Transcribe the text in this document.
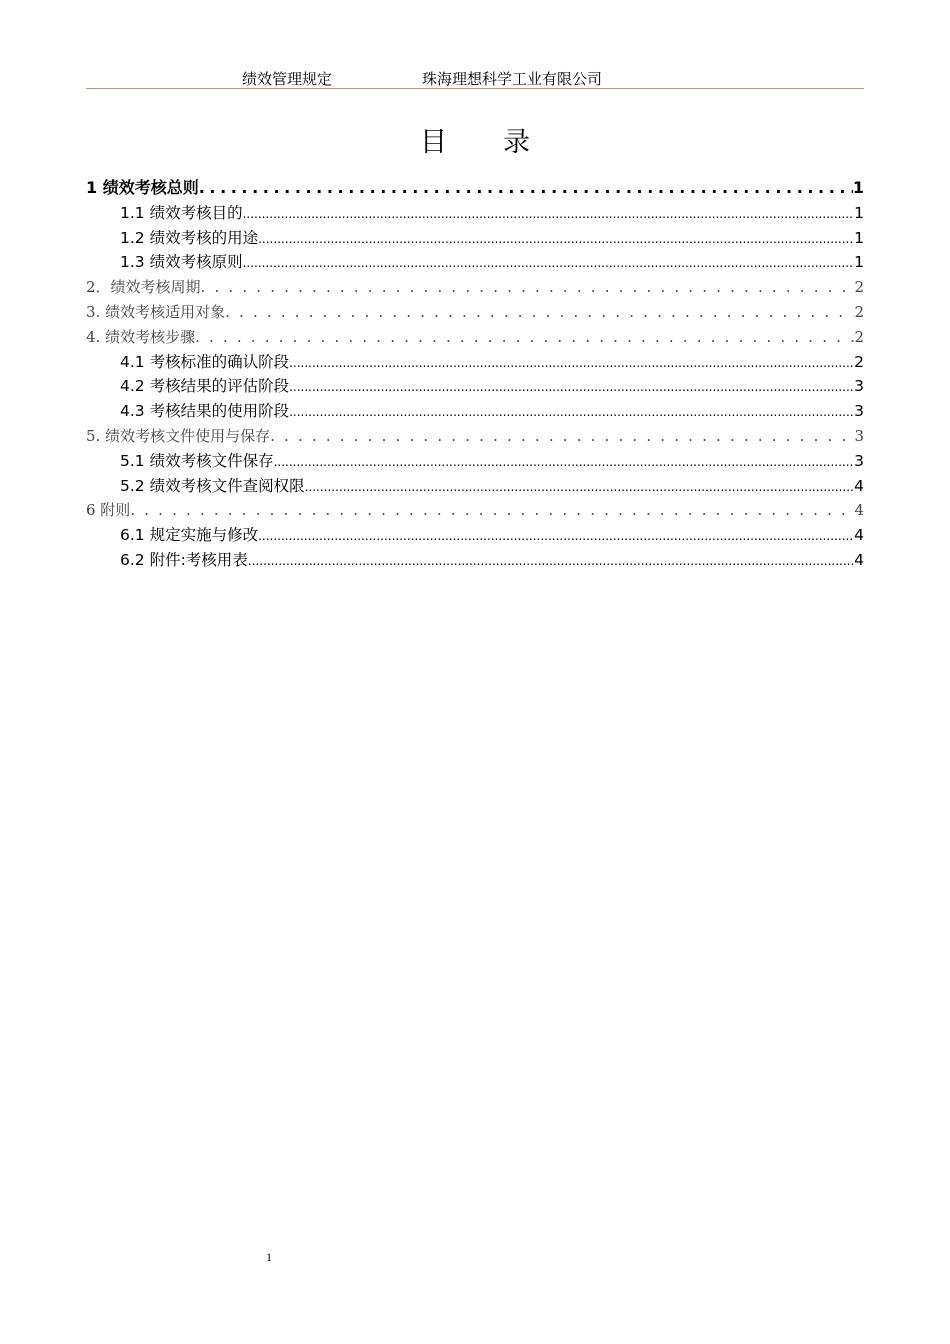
绩效管理规定	珠海理想科学工业有限公司
目录
1 绩效考核总则 .....	1
1.1 绩效考核目的 .....	1
1.2 绩效考核的用途 .....	1
1.3 绩效考核原则 .....	1
2．绩效考核周期 . . .	2
3. 绩效考核适用对象 . . .	2
4. 绩效考核步骤 . . .	2
4.1 考核标准的确认阶段 .....	2
4.2 考核结果的评估阶段 .....	3
4.3 考核结果的使用阶段 .....	3
5. 绩效考核文件使用与保存 . . .	3
5.1 绩效考核文件保存 .....	3
5.2 绩效考核文件查阅权限 .....	4
6 附则 . . .	4
6.1 规定实施与修改 .....	4
6.2 附件:考核用表 .....	4
1
